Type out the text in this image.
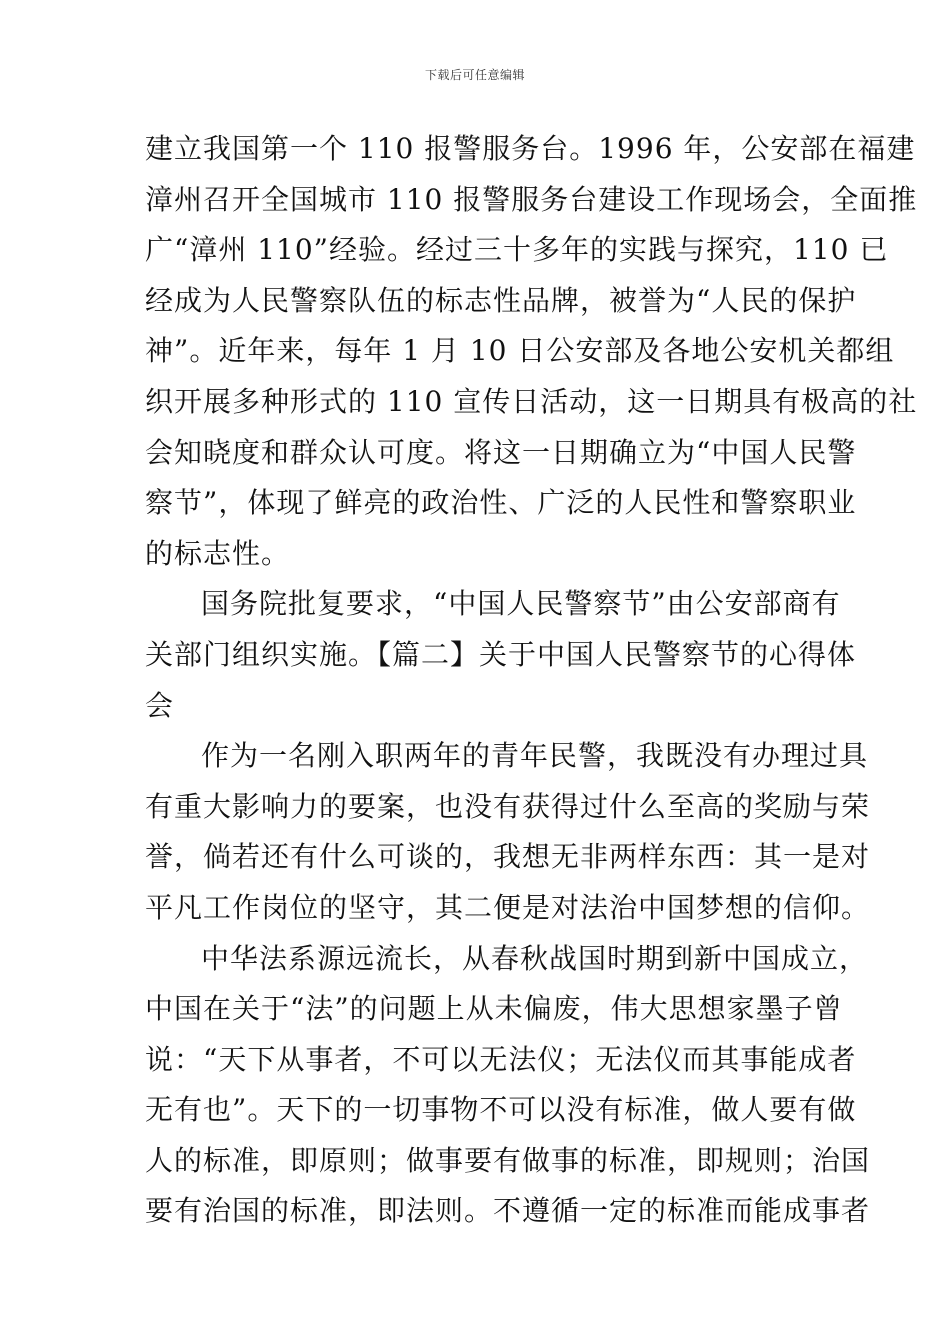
下载后可任意编辑
建立我国第一个 110 报警服务台。1996 年，公安部在福建
漳州召开全国城市 110 报警服务台建设工作现场会，全面推
广“漳州 110”经验。经过三十多年的实践与探究，110 已
经成为人民警察队伍的标志性品牌，被誉为“人民的保护
神”。近年来，每年 1 月 10 日公安部及各地公安机关都组
织开展多种形式的 110 宣传日活动，这一日期具有极高的社
会知晓度和群众认可度。将这一日期确立为“中国人民警
察节”，体现了鲜亮的政治性、广泛的人民性和警察职业
的标志性。
国务院批复要求，“中国人民警察节”由公安部商有
关部门组织实施。【篇二】关于中国人民警察节的心得体
会
作为一名刚入职两年的青年民警，我既没有办理过具
有重大影响力的要案，也没有获得过什么至高的奖励与荣
誉，倘若还有什么可谈的，我想无非两样东西：其一是对
平凡工作岗位的坚守，其二便是对法治中国梦想的信仰。
中华法系源远流长，从春秋战国时期到新中国成立，
中国在关于“法”的问题上从未偏废，伟大思想家墨子曾
说：“天下从事者，不可以无法仪；无法仪而其事能成者
无有也”。天下的一切事物不可以没有标准，做人要有做
人的标准，即原则；做事要有做事的标准，即规则；治国
要有治国的标准，即法则。不遵循一定的标准而能成事者
